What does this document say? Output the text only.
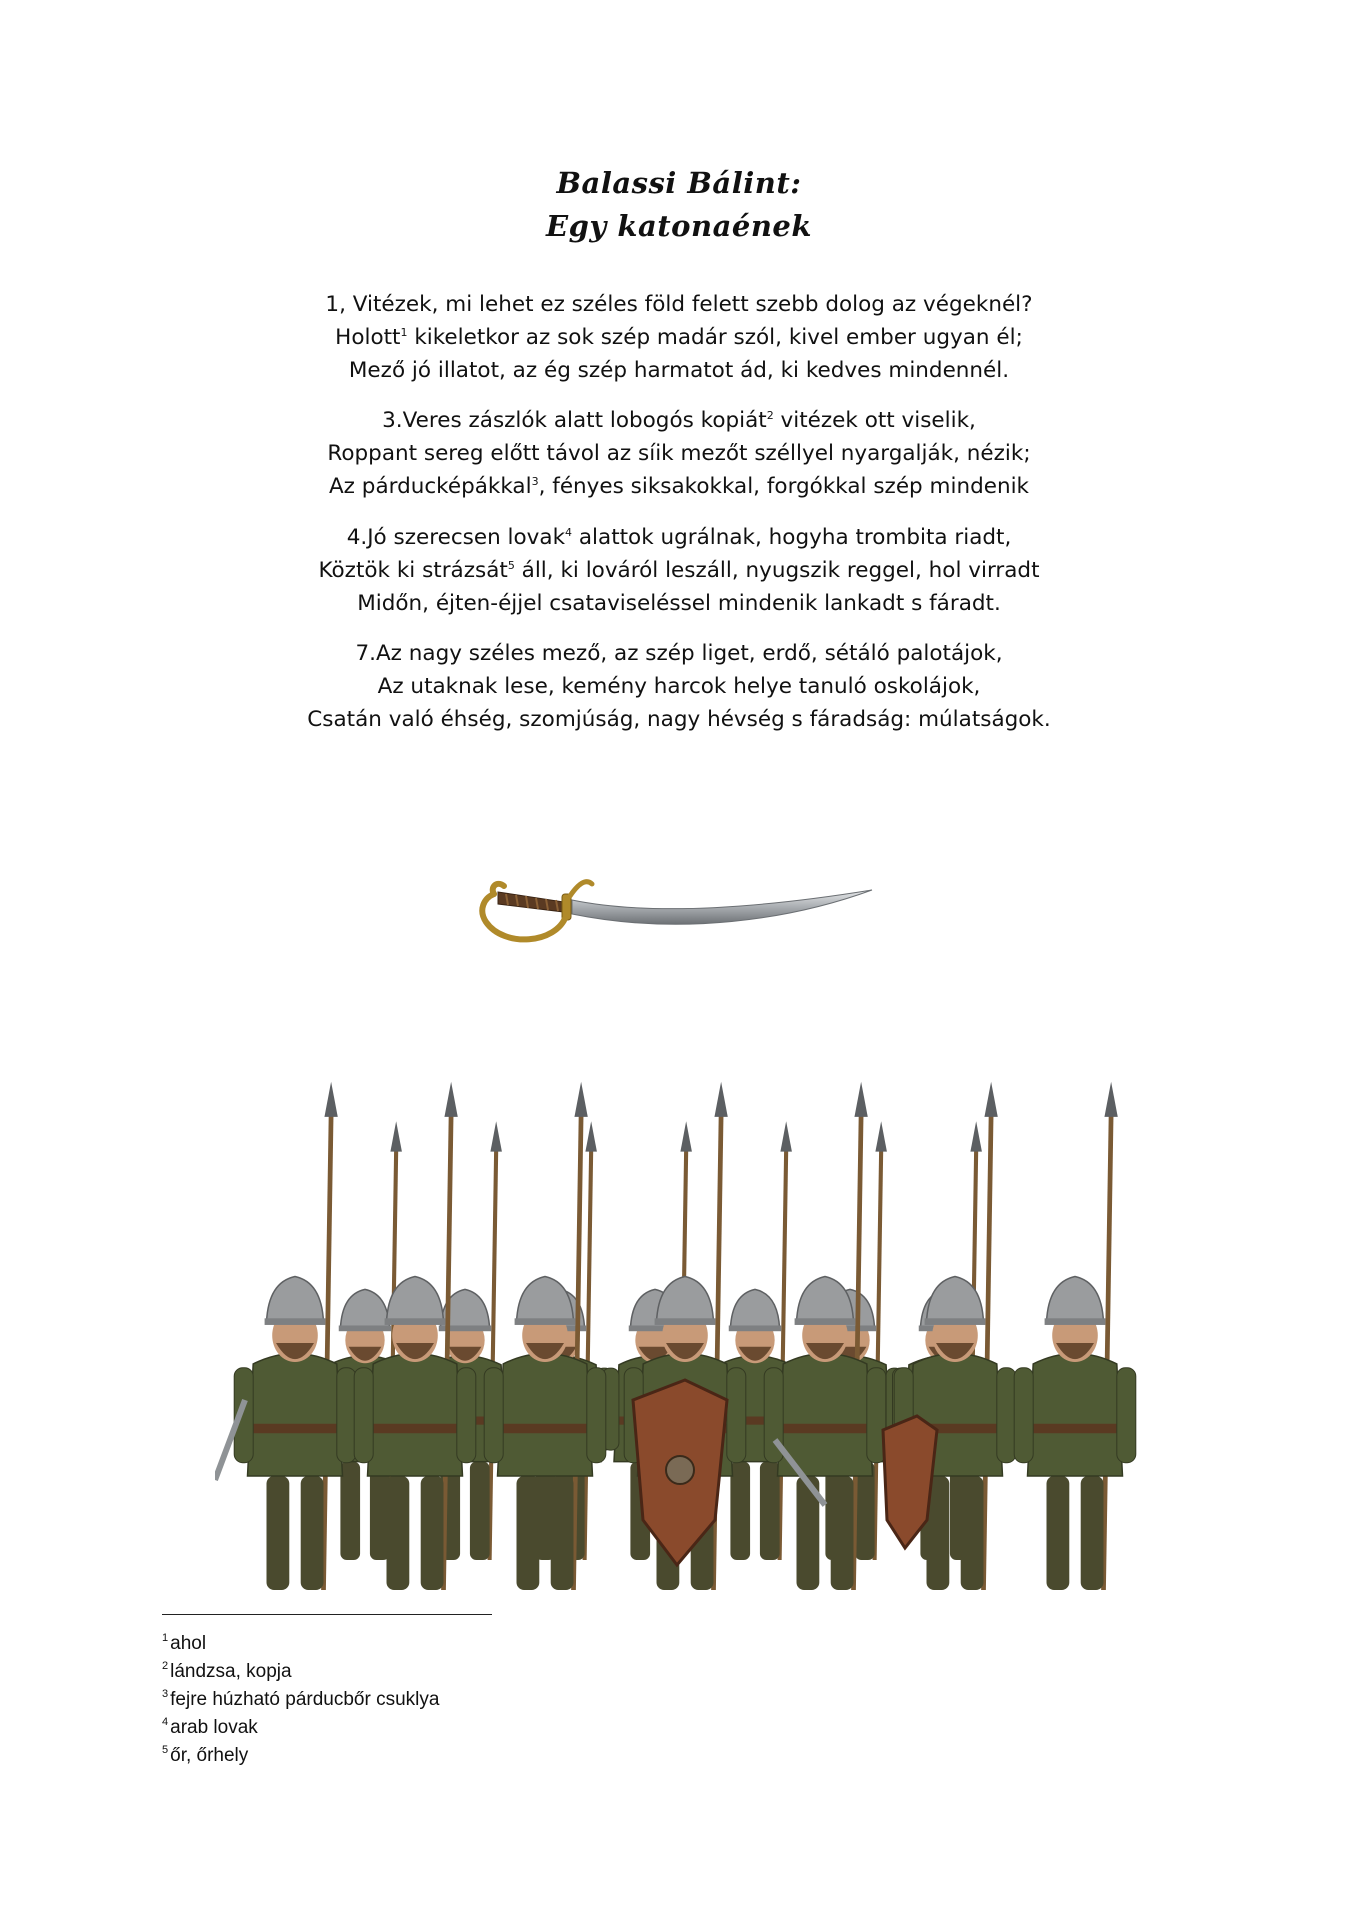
Balassi Bálint:
Egy katonaének
1, Vitézek, mi lehet ez széles föld felett szebb dolog az végeknél?
Holott$^1$ kikeletkor az sok szép madár szól, kivel ember ugyan él;
Mező jó illatot, az ég szép harmatot ád, ki kedves mindennél.
3.Veres zászlók alatt lobogós kopiát$^2$ vitézek ott viselik,
Roppant sereg előtt távol az síik mezőt széllyel nyargalják, nézik;
Az párducképákkal$^3$, fényes siksakokkal, forgókkal szép mindenik
4.Jó szerecsen lovak$^4$ alattok ugrálnak, hogyha trombita riadt,
Köztök ki strázsát$^5$ áll, ki lováról leszáll, nyugszik reggel, hol virradt
Midőn, éjten-éjjel csataviseléssel mindenik lankadt s fáradt.
7.Az nagy széles mező, az szép liget, erdő, sétáló palotájok,
Az utaknak lese, kemény harcok helye tanuló oskolájok,
Csatán való éhség, szomjúság, nagy hévség s fáradság: múlatságok.
$^1$ ahol
$^2$ lándzsa, kopja
$^3$ fejre húzható párducbőr csuklya
$^4$ arab lovak
$^5$ őr, őrhely
